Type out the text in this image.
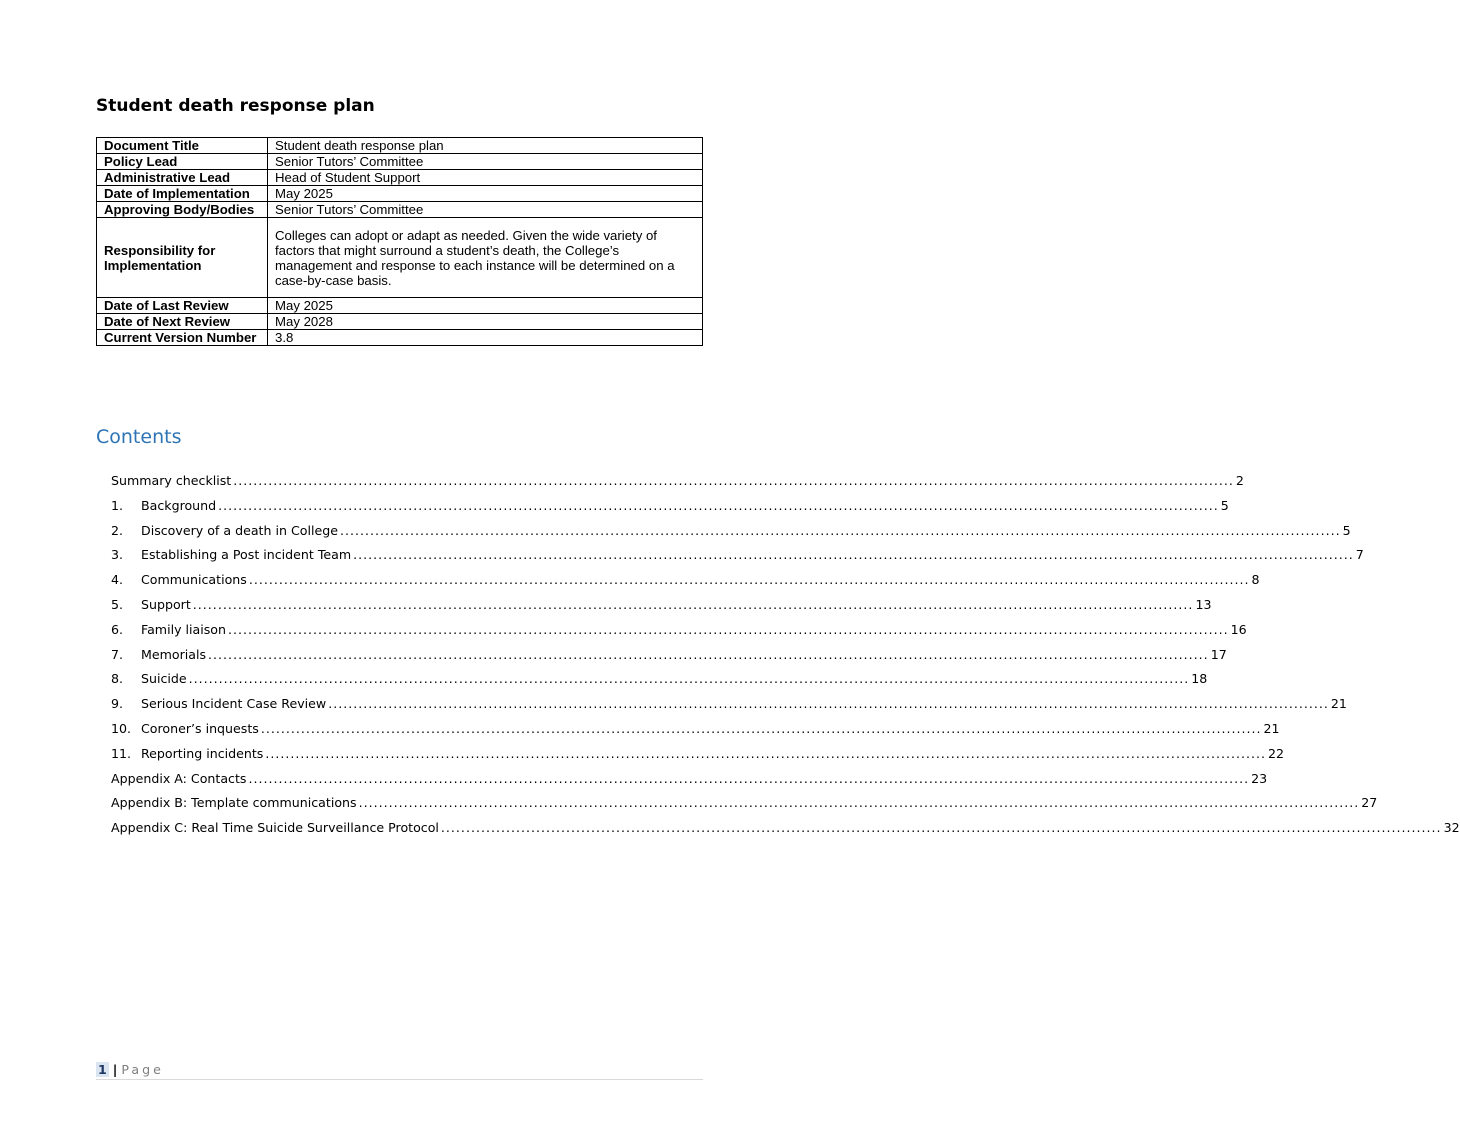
Student death response plan
Document Title	Student death response plan
Policy Lead	Senior Tutors’ Committee
Administrative Lead	Head of Student Support
Date of Implementation	May 2025
Approving Body/Bodies	Senior Tutors’ Committee
Responsibility for Implementation	Colleges can adopt or adapt as needed. Given the wide variety of factors that might surround a student’s death, the College’s management and response to each instance will be determined on a case-by-case basis.
Date of Last Review	May 2025
Date of Next Review	May 2028
Current Version Number	3.8
Contents
Summary checklist ........................................................................................................................................................................................................ 2
1.	Background ........................................................................................................................................................................................................ 5
2.	Discovery of a death in College ........................................................................................................................................................................................................ 5
3.	Establishing a Post incident Team ........................................................................................................................................................................................................ 7
4.	Communications ........................................................................................................................................................................................................ 8
5.	Support ........................................................................................................................................................................................................ 13
6.	Family liaison ........................................................................................................................................................................................................ 16
7.	Memorials ........................................................................................................................................................................................................ 17
8.	Suicide ........................................................................................................................................................................................................ 18
9.	Serious Incident Case Review ........................................................................................................................................................................................................ 21
10. Coroner’s inquests ........................................................................................................................................................................................................ 21
11. Reporting incidents ........................................................................................................................................................................................................ 22
Appendix A: Contacts ........................................................................................................................................................................................................ 23
Appendix B: Template communications ........................................................................................................................................................................................................ 27
Appendix C: Real Time Suicide Surveillance Protocol ........................................................................................................................................................................................................ 32
1 | Page
